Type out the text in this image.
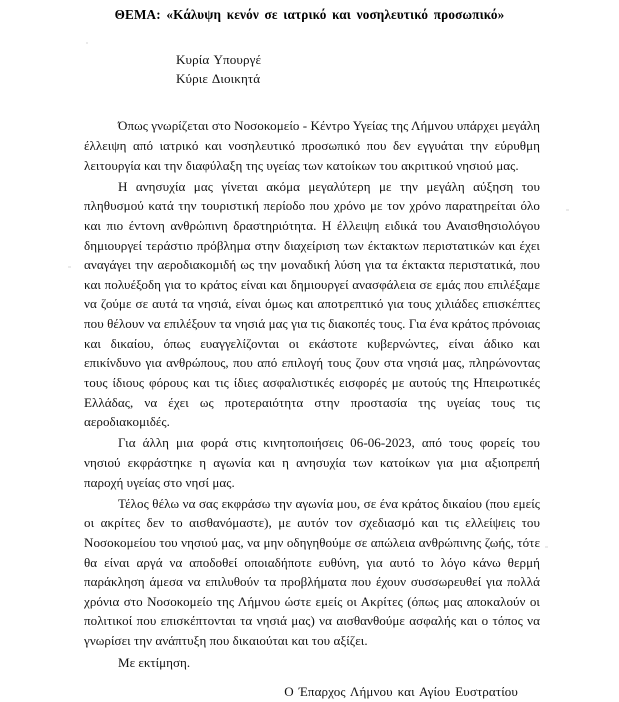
ΘΕΜΑ: «Κάλυψη κενόν σε ιατρικό και νοσηλευτικό προσωπικό»

Κυρία Υπουργέ
Κύριε Διοικητά

Όπως γνωρίζεται στο Νοσοκομείο - Κέντρο Υγείας της Λήμνου υπάρχει μεγάλη έλλειψη από ιατρικό και νοσηλευτικό προσωπικό που δεν εγγυάται την εύρυθμη λειτουργία και την διαφύλαξη της υγείας των κατοίκων του ακριτικού νησιού μας.

Η ανησυχία μας γίνεται ακόμα μεγαλύτερη με την μεγάλη αύξηση του πληθυσμού κατά την τουριστική περίοδο που χρόνο με τον χρόνο παρατηρείται όλο και πιο έντονη ανθρώπινη δραστηριότητα. Η έλλειψη ειδικά του Αναισθησιολόγου δημιουργεί τεράστιο πρόβλημα στην διαχείριση των έκτακτων περιστατικών και έχει αναγάγει την αεροδιακομιδή ως την μοναδική λύση για τα έκτακτα περιστατικά, που και πολυέξοδη για το κράτος είναι και δημιουργεί ανασφάλεια σε εμάς που επιλέξαμε να ζούμε σε αυτά τα νησιά, είναι όμως και αποτρεπτικό για τους χιλιάδες επισκέπτες που θέλουν να επιλέξουν τα νησιά μας για τις διακοπές τους. Για ένα κράτος πρόνοιας και δικαίου, όπως ευαγγελίζονται οι εκάστοτε κυβερνώντες, είναι άδικο και επικίνδυνο για ανθρώπους, που από επιλογή τους ζουν στα νησιά μας, πληρώνοντας τους ίδιους φόρους και τις ίδιες ασφαλιστικές εισφορές με αυτούς της Ηπειρωτικές Ελλάδας, να έχει ως προτεραιότητα στην προστασία της υγείας τους τις αεροδιακομιδές.

Για άλλη μια φορά στις κινητοποιήσεις 06-06-2023, από τους φορείς του νησιού εκφράστηκε η αγωνία και η ανησυχία των κατοίκων για μια αξιοπρεπή παροχή υγείας στο νησί μας.

Τέλος θέλω να σας εκφράσω την αγωνία μου, σε ένα κράτος δικαίου (που εμείς οι ακρίτες δεν το αισθανόμαστε), με αυτόν τον σχεδιασμό και τις ελλείψεις του Νοσοκομείου του νησιού μας, να μην οδηγηθούμε σε απώλεια ανθρώπινης ζωής, τότε θα είναι αργά να αποδοθεί οποιαδήποτε ευθύνη, για αυτό το λόγο κάνω θερμή παράκληση άμεσα να επιλυθούν τα προβλήματα που έχουν συσσωρευθεί για πολλά χρόνια στο Νοσοκομείο της Λήμνου ώστε εμείς οι Ακρίτες (όπως μας αποκαλούν οι πολιτικοί που επισκέπτονται τα νησιά μας) να αισθανθούμε ασφαλής και ο τόπος να γνωρίσει την ανάπτυξη που δικαιούται και του αξίζει.

Με εκτίμηση.

Ο Έπαρχος Λήμνου και Αγίου Ευστρατίου
